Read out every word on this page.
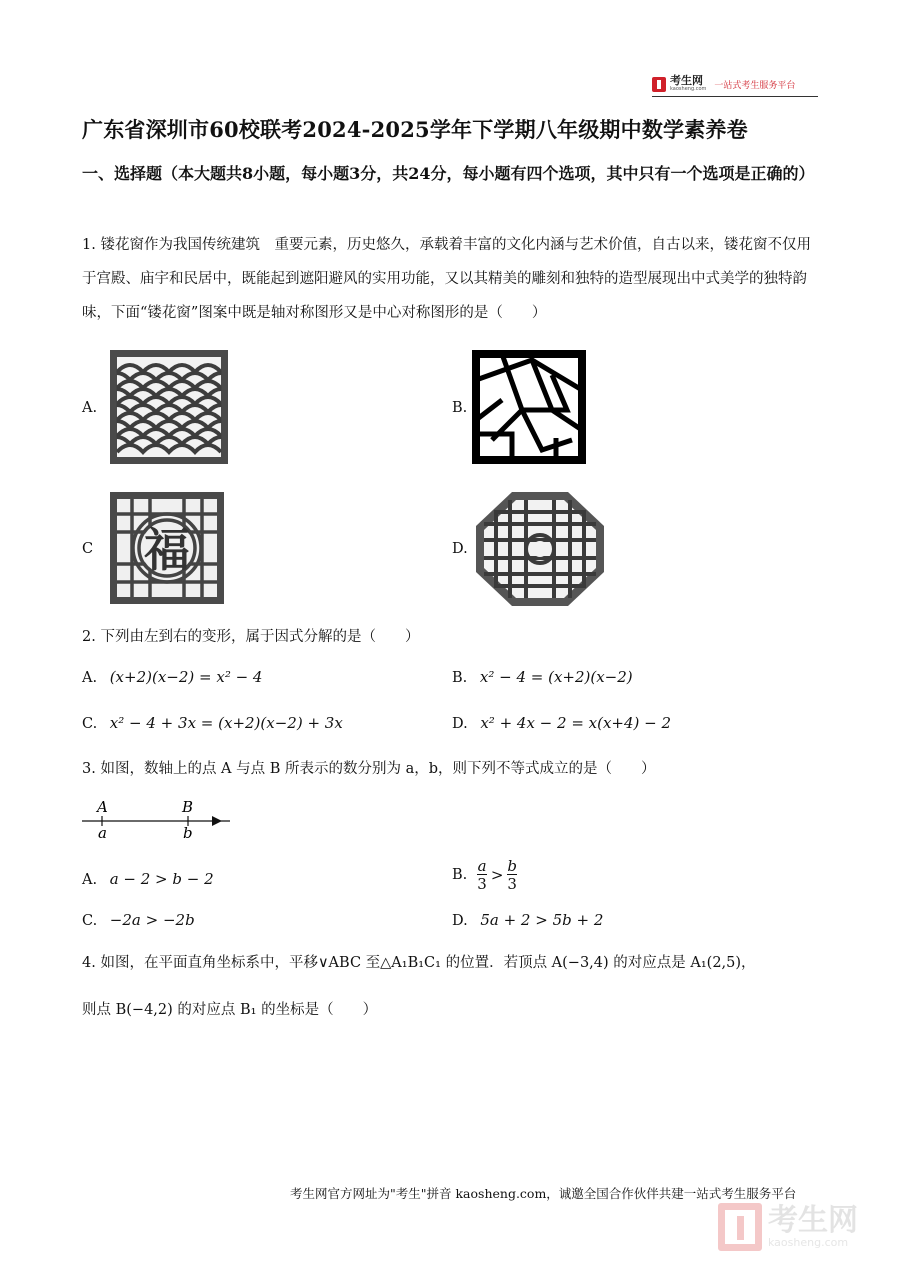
考生网
kaosheng.com 一站式考生服务平台
广东省深圳市60校联考2024-2025学年下学期八年级期中数学素养卷
一、选择题（本大题共8小题，每小题3分，共24分，每小题有四个选项，其中只有一个选项是正确的）
1. 镂花窗作为我国传统建筑　重要元素，历史悠久，承载着丰富的文化内涵与艺术价值，自古以来，镂花窗不仅用于宫殿、庙宇和民居中，既能起到遮阳避风的实用功能，又以其精美的雕刻和独特的造型展现出中式美学的独特韵味，下面“镂花窗”图案中既是轴对称图形又是中心对称图形的是（　　）
A.	B.
C 福	D.
2. 下列由左到右的变形，属于因式分解的是（　　）
A. (x+2)(x−2) = x² − 4	B. x² − 4 = (x+2)(x−2)
C. x² − 4 + 3x = (x+2)(x−2) + 3x	D. x² + 4x − 2 = x(x+4) − 2
3. 如图，数轴上的点 A 与点 B 所表示的数分别为 a，b，则下列不等式成立的是（　　）
A
a
B
b
A. a − 2 > b − 2	B. $\frac{a}{3} > \frac{b}{3}$
C. −2a > −2b	D. 5a + 2 > 5b + 2
4. 如图，在平面直角坐标系中，平移∨ABC 至△A₁B₁C₁ 的位置．若顶点 A(−3,4) 的对应点是 A₁(2,5)，
则点 B(−4,2) 的对应点 B₁ 的坐标是（　　）
考生网官方网址为"考生"拼音 kaosheng.com，诚邀全国合作伙伴共建一站式考生服务平台
考生网
kaosheng.com
